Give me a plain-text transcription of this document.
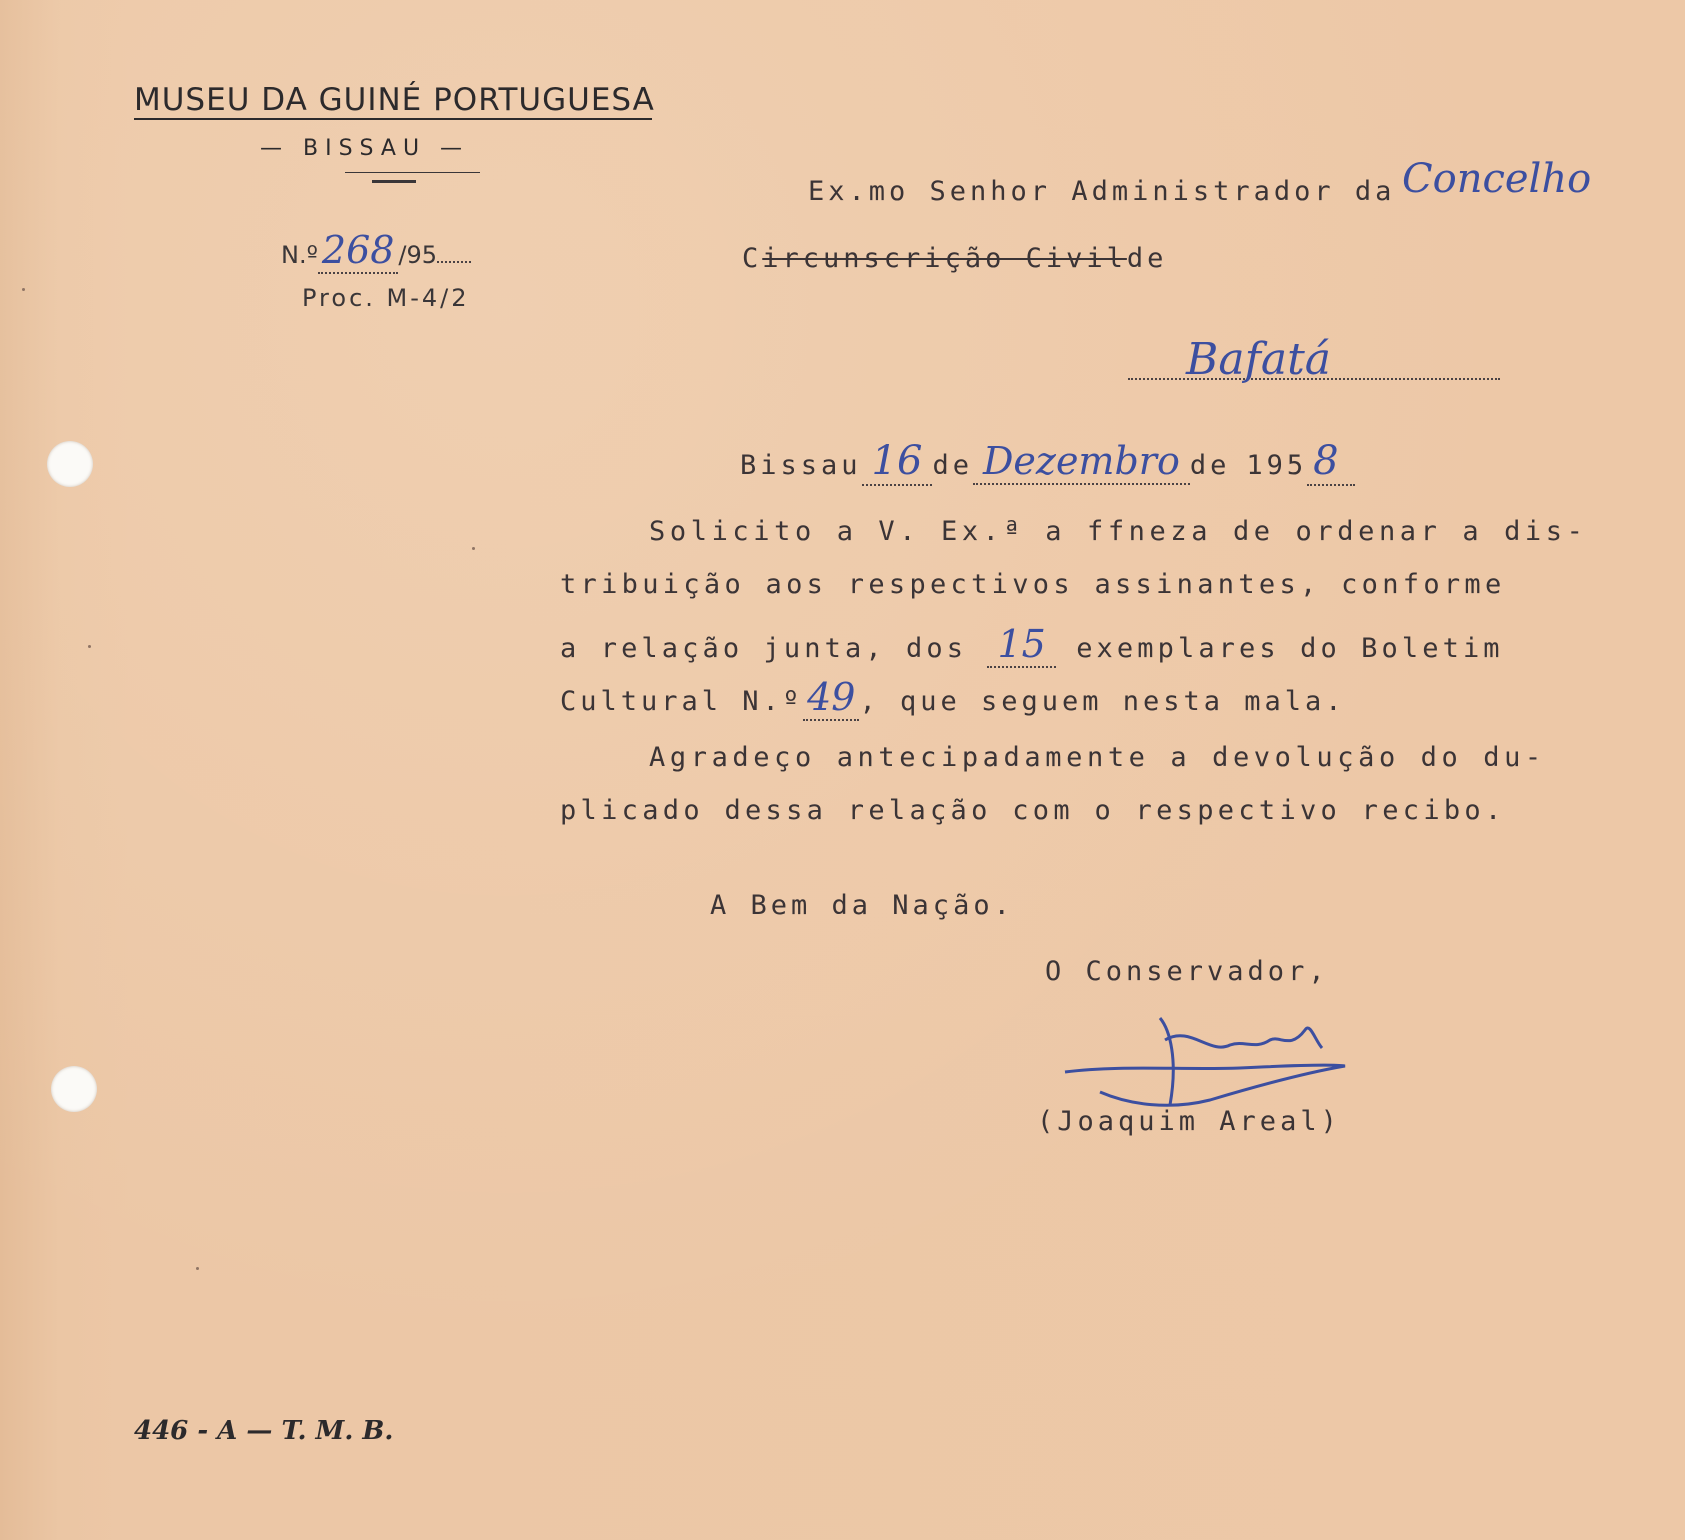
MUSEU DA GUINÉ PORTUGUESA
— BISSAU —
N.º 268 /95
Proc. M-4/2
Ex.mo Senhor Administrador da Concelho
Circunscrição Civilde
Bafatá
Bissau 16 de Dezembro de 195 8
Solicito a V. Ex.ª a ffneza de ordenar a dis-
tribuição aos respectivos assinantes, conforme
a relação junta, dos 15 exemplares do Boletim
Cultural N.º 49 , que seguem nesta mala.
Agradeço antecipadamente a devolução do du-
plicado dessa relação com o respectivo recibo.
A Bem da Nação.
O Conservador,
(Joaquim Areal)
446 - A — T. M. B.
